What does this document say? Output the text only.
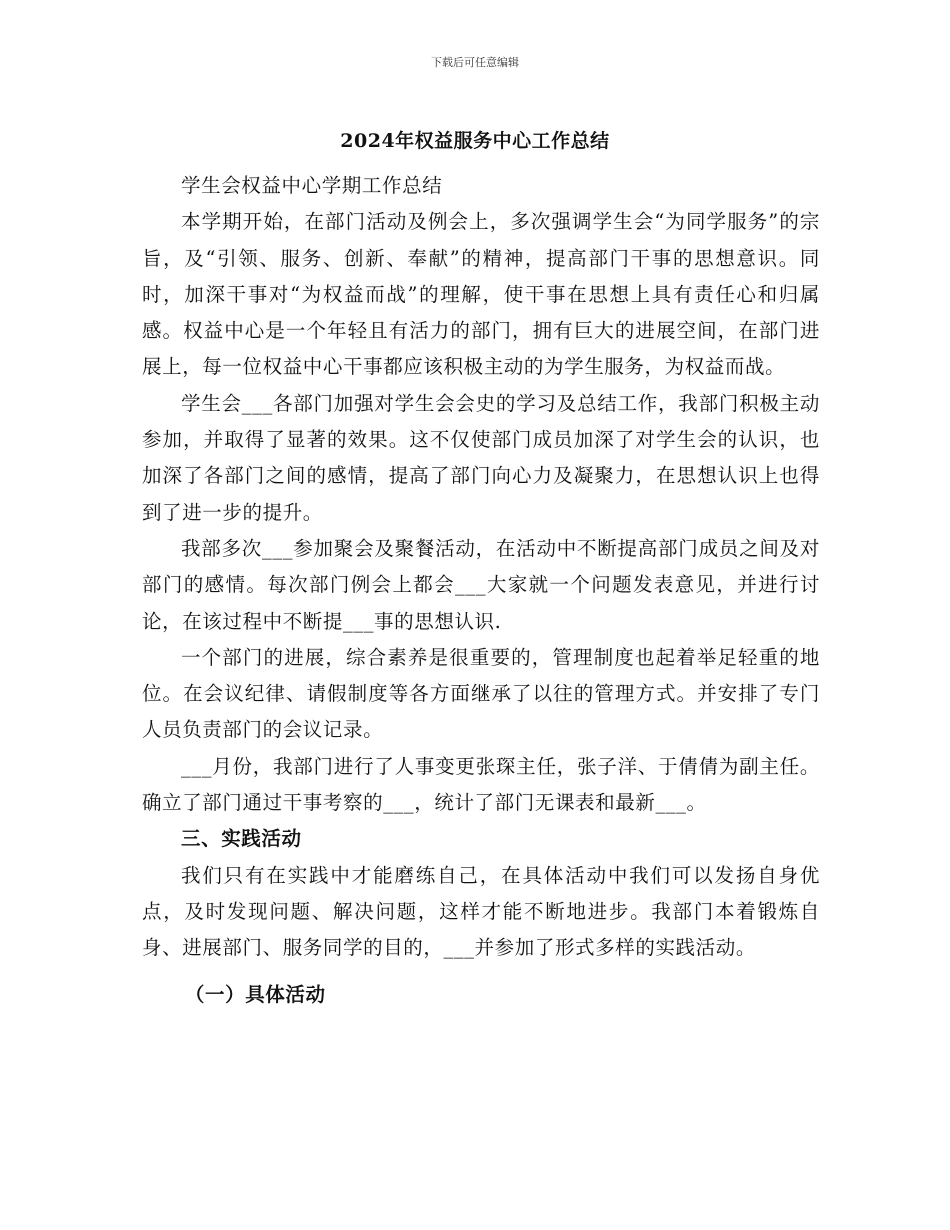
下载后可任意编辑
2024年权益服务中心工作总结

学生会权益中心学期工作总结

本学期开始，在部门活动及例会上，多次强调学生会“为同学服务”的宗旨，及“引领、服务、创新、奉献”的精神，提高部门干事的思想意识。同时，加深干事对“为权益而战”的理解，使干事在思想上具有责任心和归属感。权益中心是一个年轻且有活力的部门，拥有巨大的进展空间，在部门进展上，每一位权益中心干事都应该积极主动的为学生服务，为权益而战。

学生会___各部门加强对学生会会史的学习及总结工作，我部门积极主动参加，并取得了显著的效果。这不仅使部门成员加深了对学生会的认识，也加深了各部门之间的感情，提高了部门向心力及凝聚力，在思想认识上也得到了进一步的提升。

我部多次___参加聚会及聚餐活动，在活动中不断提高部门成员之间及对部门的感情。每次部门例会上都会___大家就一个问题发表意见，并进行讨论，在该过程中不断提___事的思想认识.

一个部门的进展，综合素养是很重要的，管理制度也起着举足轻重的地位。在会议纪律、请假制度等各方面继承了以往的管理方式。并安排了专门人员负责部门的会议记录。

___月份，我部门进行了人事变更张琛主任，张子洋、于倩倩为副主任。确立了部门通过干事考察的___，统计了部门无课表和最新___。

三、实践活动

我们只有在实践中才能磨练自己，在具体活动中我们可以发扬自身优点，及时发现问题、解决问题，这样才能不断地进步。我部门本着锻炼自身、进展部门、服务同学的目的，___并参加了形式多样的实践活动。

（一）具体活动
